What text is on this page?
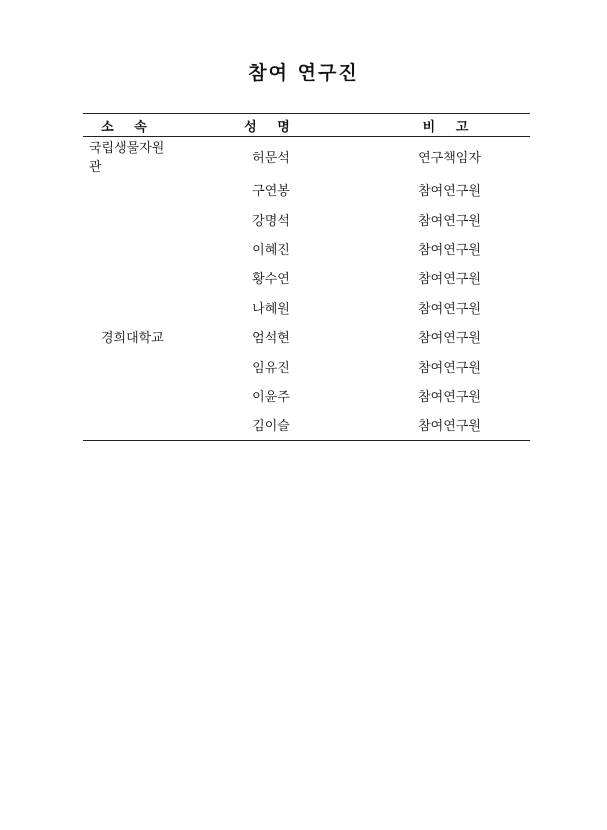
참여 연구진
소 속	성 명	비 고
국립생물자원관	허문석	연구책임자
	구연봉	참여연구원
	강명석	참여연구원
	이혜진	참여연구원
	황수연	참여연구원
	나혜원	참여연구원
경희대학교	엄석현	참여연구원
	임유진	참여연구원
	이윤주	참여연구원
	김이슬	참여연구원
